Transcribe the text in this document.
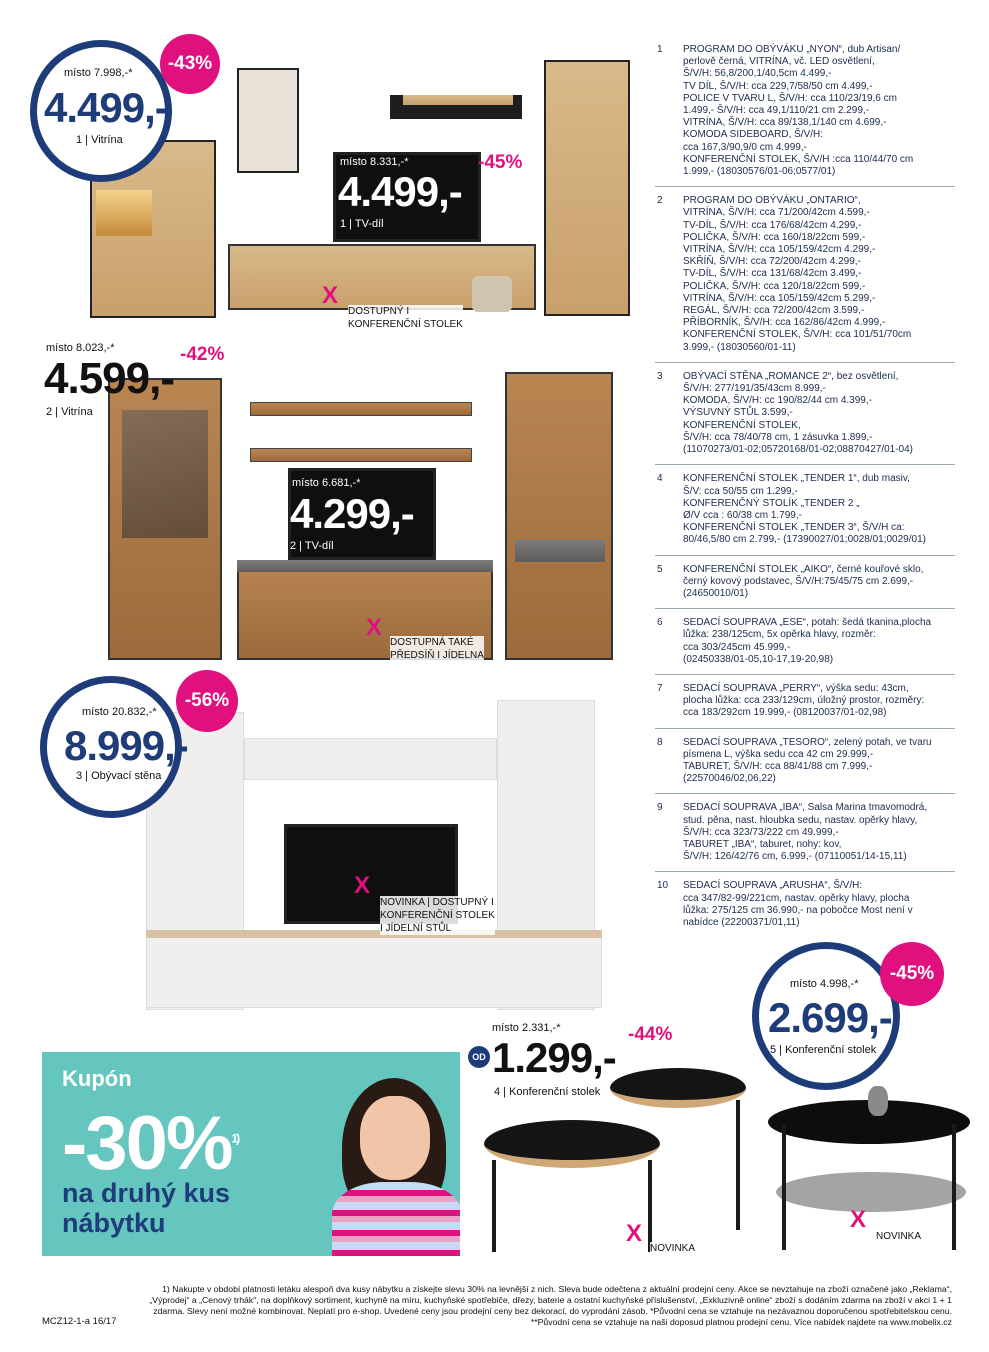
-43%
místo 7.998,-*
4.499,-
1 | Vitrína
místo 8.331,-*	-45%
4.499,-
1 | TV-díl
X
DOSTUPNÝ I
KONFERENČNÍ STOLEK
místo 8.023,-*	-42%
4.599,-
2 | Vitrína
místo 6.681,-*
4.299,-
2 | TV-díl
X
DOSTUPNÁ TAKÉ
PŘEDSÍŇ I JÍDELNA
-56%
místo 20.832,-*
8.999,-
3 | Obývací stěna
X
NOVINKA | DOSTUPNÝ I
KONFERENČNÍ STOLEK
I JÍDELNÍ STŮL
1 PROGRAM DO OBÝVÁKU „NYON“, dub Artisan/

perlově černá, VITRÍNA, vč. LED osvětlení,

Š/V/H: 56,8/200,1/40,5cm 4.499,-

TV DÍL, Š/V/H: cca 229,7/58/50 cm 4.499,-

POLICE V TVARU L, Š/V/H: cca 110/23/19,6 cm

1.499,- Š/V/H: cca 49,1/110/21 cm 2.299,-

VITRÍNA, Š/V/H: cca 89/138,1/140 cm 4.699,-

KOMODA SIDEBOARD, Š/V/H:

cca 167,3/90,9/0 cm 4.999,-

KONFERENČNÍ STOLEK, Š/V/H :cca 110/44/70 cm

1.999,- (18030576/01-06;0577/01)

2 PROGRAM DO OBÝVÁKU „ONTARIO“,

VITRÍNA, Š/V/H: cca 71/200/42cm 4.599,-

TV-DÍL, Š/V/H: cca 176/68/42cm 4.299,-

POLIČKA, Š/V/H: cca 160/18/22cm 599,-

VITRÍNA, Š/V/H: cca 105/159/42cm 4.299,-

SKŘÍŇ, Š/V/H: cca 72/200/42cm 4.299,-

TV-DÍL, Š/V/H: cca 131/68/42cm 3.499,-

POLIČKA, Š/V/H: cca 120/18/22cm 599,-

VITRÍNA, Š/V/H: cca 105/159/42cm 5.299,-

REGÁL, Š/V/H: cca 72/200/42cm 3.599,-

PŘÍBORNÍK, Š/V/H: cca 162/86/42cm 4.999,-

KONFERENČNÍ STOLEK, Š/V/H: cca 101/51/70cm

3.999,- (18030560/01-11)

3 OBÝVACÍ STĚNA „ROMANCE 2“, bez osvětlení,

Š/V/H: 277/191/35/43cm 8.999,-

KOMODA, Š/V/H: cc 190/82/44 cm 4.399,-

VÝSUVNÝ STŮL 3.599,-

KONFERENČNÍ STOLEK,

Š/V/H: cca 78/40/78 cm, 1 zásuvka 1.899,-

(11070273/01-02;05720168/01-02;08870427/01-04)

4 KONFERENČNÍ STOLEK „TENDER 1“, dub masiv,

Š/V: cca 50/55 cm 1.299,-

KONFERENČNÝ STOLÍK „TENDER 2 „

Ø/V cca : 60/38 cm 1.799,-

KONFERENČNÍ STOLEK „TENDER 3“, Š/V/H ca:

80/46,5/80 cm 2.799,- (17390027/01;0028/01;0029/01)

5 KONFERENČNÍ STOLEK „AIKO“, černé kouřové sklo,

černý kovový podstavec, Š/V/H:75/45/75 cm 2.699,-

(24650010/01)

6 SEDACÍ SOUPRAVA „ESE“, potah: šedá tkanina,plocha

lůžka: 238/125cm, 5x opěrka hlavy, rozměr:

cca 303/245cm 45.999,-

(02450338/01-05,10-17,19-20,98)

7 SEDACÍ SOUPRAVA „PERRY“, výška sedu: 43cm,

plocha lůžka: cca 233/129cm, úložný prostor, rozměry:

cca 183/292cm 19.999,- (08120037/01-02,98)

8 SEDACÍ SOUPRAVA „TESORO“, zelený potah, ve tvaru

písmena L, výška sedu cca 42 cm 29.999,-

TABURET, Š/V/H: cca 88/41/88 cm 7.999,-

(22570046/02,06,22)

9 SEDACÍ SOUPRAVA „IBA“, Salsa Marina tmavomodrá,

stud. pěna, nast. hloubka sedu, nastav. opěrky hlavy,

Š/V/H: cca 323/73/222 cm 49.999,-

TABURET „IBA“, taburet, nohy: kov,

Š/V/H: 126/42/76 cm, 6.999,- (07110051/14-15,11)

10 SEDACÍ SOUPRAVA „ARUSHA“, Š/V/H:

cca 347/82-99/221cm, nastav. opěrky hlavy, plocha

lůžka: 275/125 cm 36.990,- na pobočce Most není v

nabídce (22200371/01,11)

Kupón
-30%$^{1)}$
na druhý kus nábytku
místo 2.331,-*
OD
-44%
1.299,-
4 | Konferenční stolek
X
NOVINKA
-45%
místo 4.998,-*
2.699,-
5 | Konferenční stolek
X
NOVINKA
1) Nakupte v období platnosti letáku alespoň dva kusy nábytku a získejte slevu 30% na levnější z nich. Sleva bude odečtena z aktuální prodejní ceny. Akce se nevztahuje na zboží označené jako „Reklama“, „Výprodej“ a „Cenový trhák“, na doplňkový sortiment, kuchyně na míru, kuchyňské spotřebiče, dřezy, baterie a ostatní kuchyňské příslušenství, „Exkluzivně online“ zboží s dodáním zdarma na zboží v akci 1 + 1 zdarma. Slevy není možné kombinovat. Neplatí pro e-shop. Uvedené ceny jsou prodejní ceny bez dekorací, do vyprodání zásob. *Původní cena se vztahuje na nezávaznou doporučenou spotřebitelskou cenu. **Původní cena se vztahuje na naši doposud platnou prodejní cenu. Více nabídek najdete na www.mobelix.cz
MCZ12-1-a 16/17
